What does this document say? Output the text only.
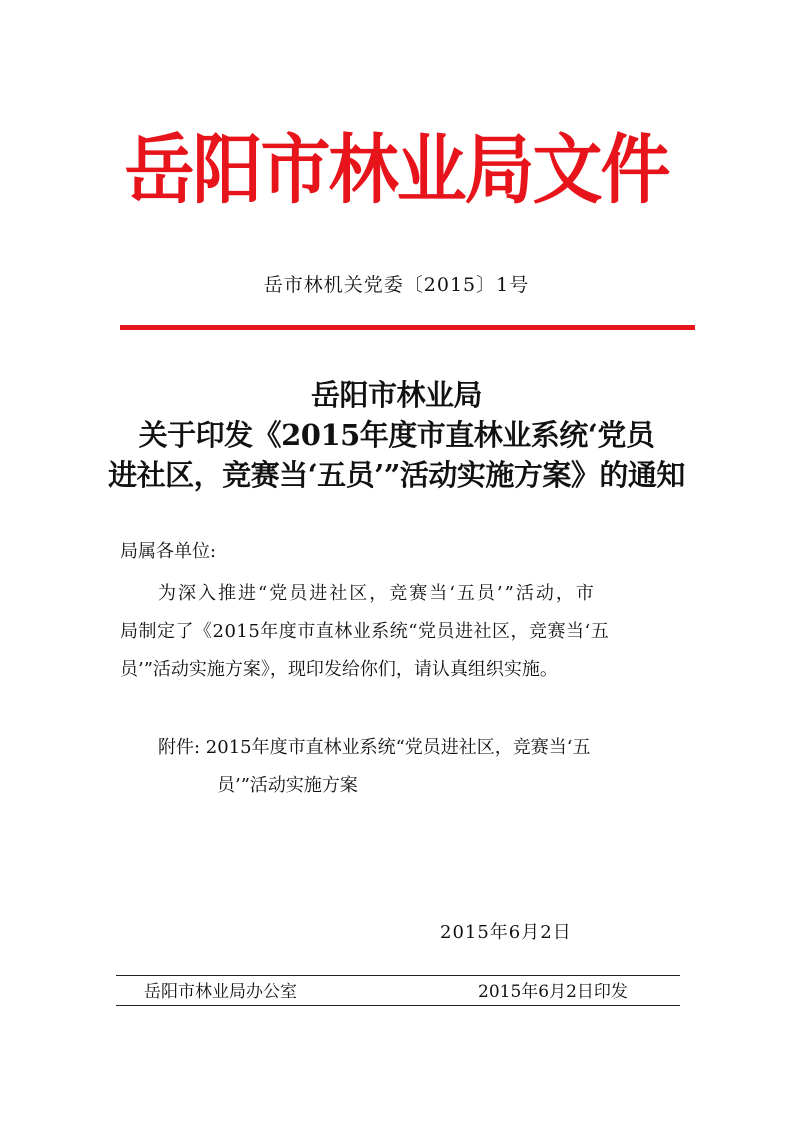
岳阳市林业局文件
岳市林机关党委〔2015〕1号
岳阳市林业局
关于印发《2015年度市直林业系统‘党员
进社区，竞赛当‘五员’”活动实施方案》的通知
局属各单位:
为深入推进“党员进社区，竞赛当‘五员’”活动，市
局制定了《2015年度市直林业系统“党员进社区，竞赛当‘五
员’”活动实施方案》，现印发给你们，请认真组织实施。
附件: 2015年度市直林业系统“党员进社区，竞赛当‘五
员’”活动实施方案
2015年6月2日
岳阳市林业局办公室	2015年6月2日印发
